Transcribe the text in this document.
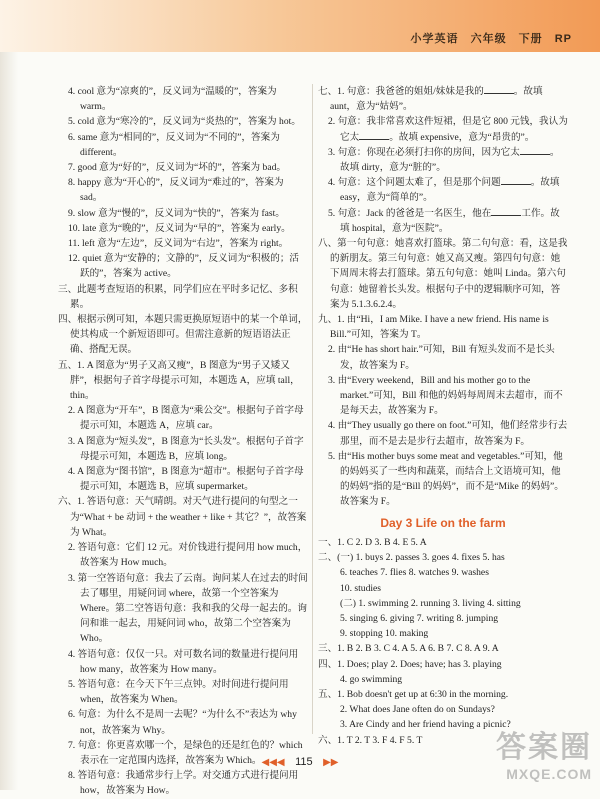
小学英语 六年级 下册 RP

4. cool 意为“凉爽的”，反义词为“温暖的”，答案为 warm。

5. cold 意为“寒冷的”，反义词为“炎热的”，答案为 hot。

6. same 意为“相同的”，反义词为“不同的”，答案为 different。

7. good 意为“好的”，反义词为“坏的”，答案为 bad。

8. happy 意为“开心的”，反义词为“难过的”，答案为 sad。

9. slow 意为“慢的”，反义词为“快的”，答案为 fast。

10. late 意为“晚的”，反义词为“早的”，答案为 early。

11. left 意为“左边”，反义词为“右边”，答案为 right。

12. quiet 意为“安静的；文静的”，反义词为“积极的；活跃的”，答案为 active。

三、此题考查短语的积累，同学们应在平时多记忆、多积累。

四、根据示例可知，本题只需更换原短语中的某一个单词，使其构成一个新短语即可。但需注意新的短语语法正确、搭配无误。

五、1. A 图意为“男子又高又瘦”，B 图意为“男子又矮又胖”，根据句子首字母提示可知，本题选 A，应填 tall，thin。

2. A 图意为“开车”，B 图意为“乘公交”。根据句子首字母提示可知，本题选 A，应填 car。

3. A 图意为“短头发”，B 图意为“长头发”。根据句子首字母提示可知，本题选 B，应填 long。

4. A 图意为“图书馆”，B 图意为“超市”。根据句子首字母提示可知，本题选 B，应填 supermarket。

六、1. 答语句意：天气晴朗。对天气进行提问的句型之一为“What + be 动词 + the weather + like + 其它？”，故答案为 What。

2. 答语句意：它们 12 元。对价钱进行提问用 how much，故答案为 How much。

3. 第一空答语句意：我去了云南。询问某人在过去的时间去了哪里，用疑问词 where，故第一个空答案为 Where。第二空答语句意：我和我的父母一起去的。询问和谁一起去，用疑问词 who，故第二个空答案为 Who。

4. 答语句意：仅仅一只。对可数名词的数量进行提问用 how many，故答案为 How many。

5. 答语句意：在今天下午三点钟。对时间进行提问用 when，故答案为 When。

6. 句意：为什么不是周一去呢？“为什么不”表达为 why not，故答案为 Why。

7. 句意：你更喜欢哪一个，是绿色的还是红色的？which 表示在一定范围内选择，故答案为 Which。

8. 答语句意：我通常步行上学。对交通方式进行提问用 how，故答案为 How。

七、1. 句意：我爸爸的姐姐/妹妹是我的	。故填 aunt，意为“姑妈”。

2. 句意：我非常喜欢这件短裙，但是它 800 元钱，我认为它太	。故填 expensive，意为“昂贵的”。

3. 句意：你现在必须打扫你的房间，因为它太	。故填 dirty，意为“脏的”。

4. 句意：这个问题太难了，但是那个问题	。故填 easy，意为“简单的”。

5. 句意：Jack 的爸爸是一名医生，他在	工作。故填 hospital，意为“医院”。

八、第一句句意：她喜欢打篮球。第二句句意：看，这是我的新朋友。第三句句意：她又高又瘦。第四句句意：她下周周末将去打篮球。第五句句意：她叫 Linda。第六句句意：她留着长头发。根据句子中的逻辑顺序可知，答案为 5.1.3.6.2.4。

九、1. 由“Hi，I am Mike. I have a new friend. His name is Bill.”可知，答案为 T。

2. 由“He has short hair.”可知，Bill 有短头发而不是长头发，故答案为 F。

3. 由“Every weekend，Bill and his mother go to the market.”可知，Bill 和他的妈妈每周周末去超市，而不是每天去，故答案为 F。

4. 由“They usually go there on foot.”可知，他们经常步行去那里，而不是去是步行去超市，故答案为 F。

5. 由“His mother buys some meat and vegetables.”可知，他的妈妈买了一些肉和蔬菜，而结合上文语境可知，他的妈妈”指的是“Bill 的妈妈”，而不是“Mike 的妈妈”。故答案为 F。

Day 3 Life on the farm

一、1. C 2. D 3. B 4. E 5. A

二、(一) 1. buys 2. passes 3. goes 4. fixes 5. has

6. teaches 7. flies 8. watches 9. washes

10. studies

(二) 1. swimming 2. running 3. living 4. sitting

5. singing 6. giving 7. writing 8. jumping

9. stopping 10. making

三、1. B 2. B 3. C 4. A 5. A 6. B 7. C 8. A 9. A

四、1. Does; play 2. Does; have; has 3. playing

4. go swimming

五、1. Bob doesn't get up at 6:30 in the morning.

2. What does Jane often do on Sundays?

3. Are Cindy and her friend having a picnic?

六、1. T 2. T 3. F 4. F 5. T

◀◀◀ 115 ▶▶	答案圈
MXQE.COM
